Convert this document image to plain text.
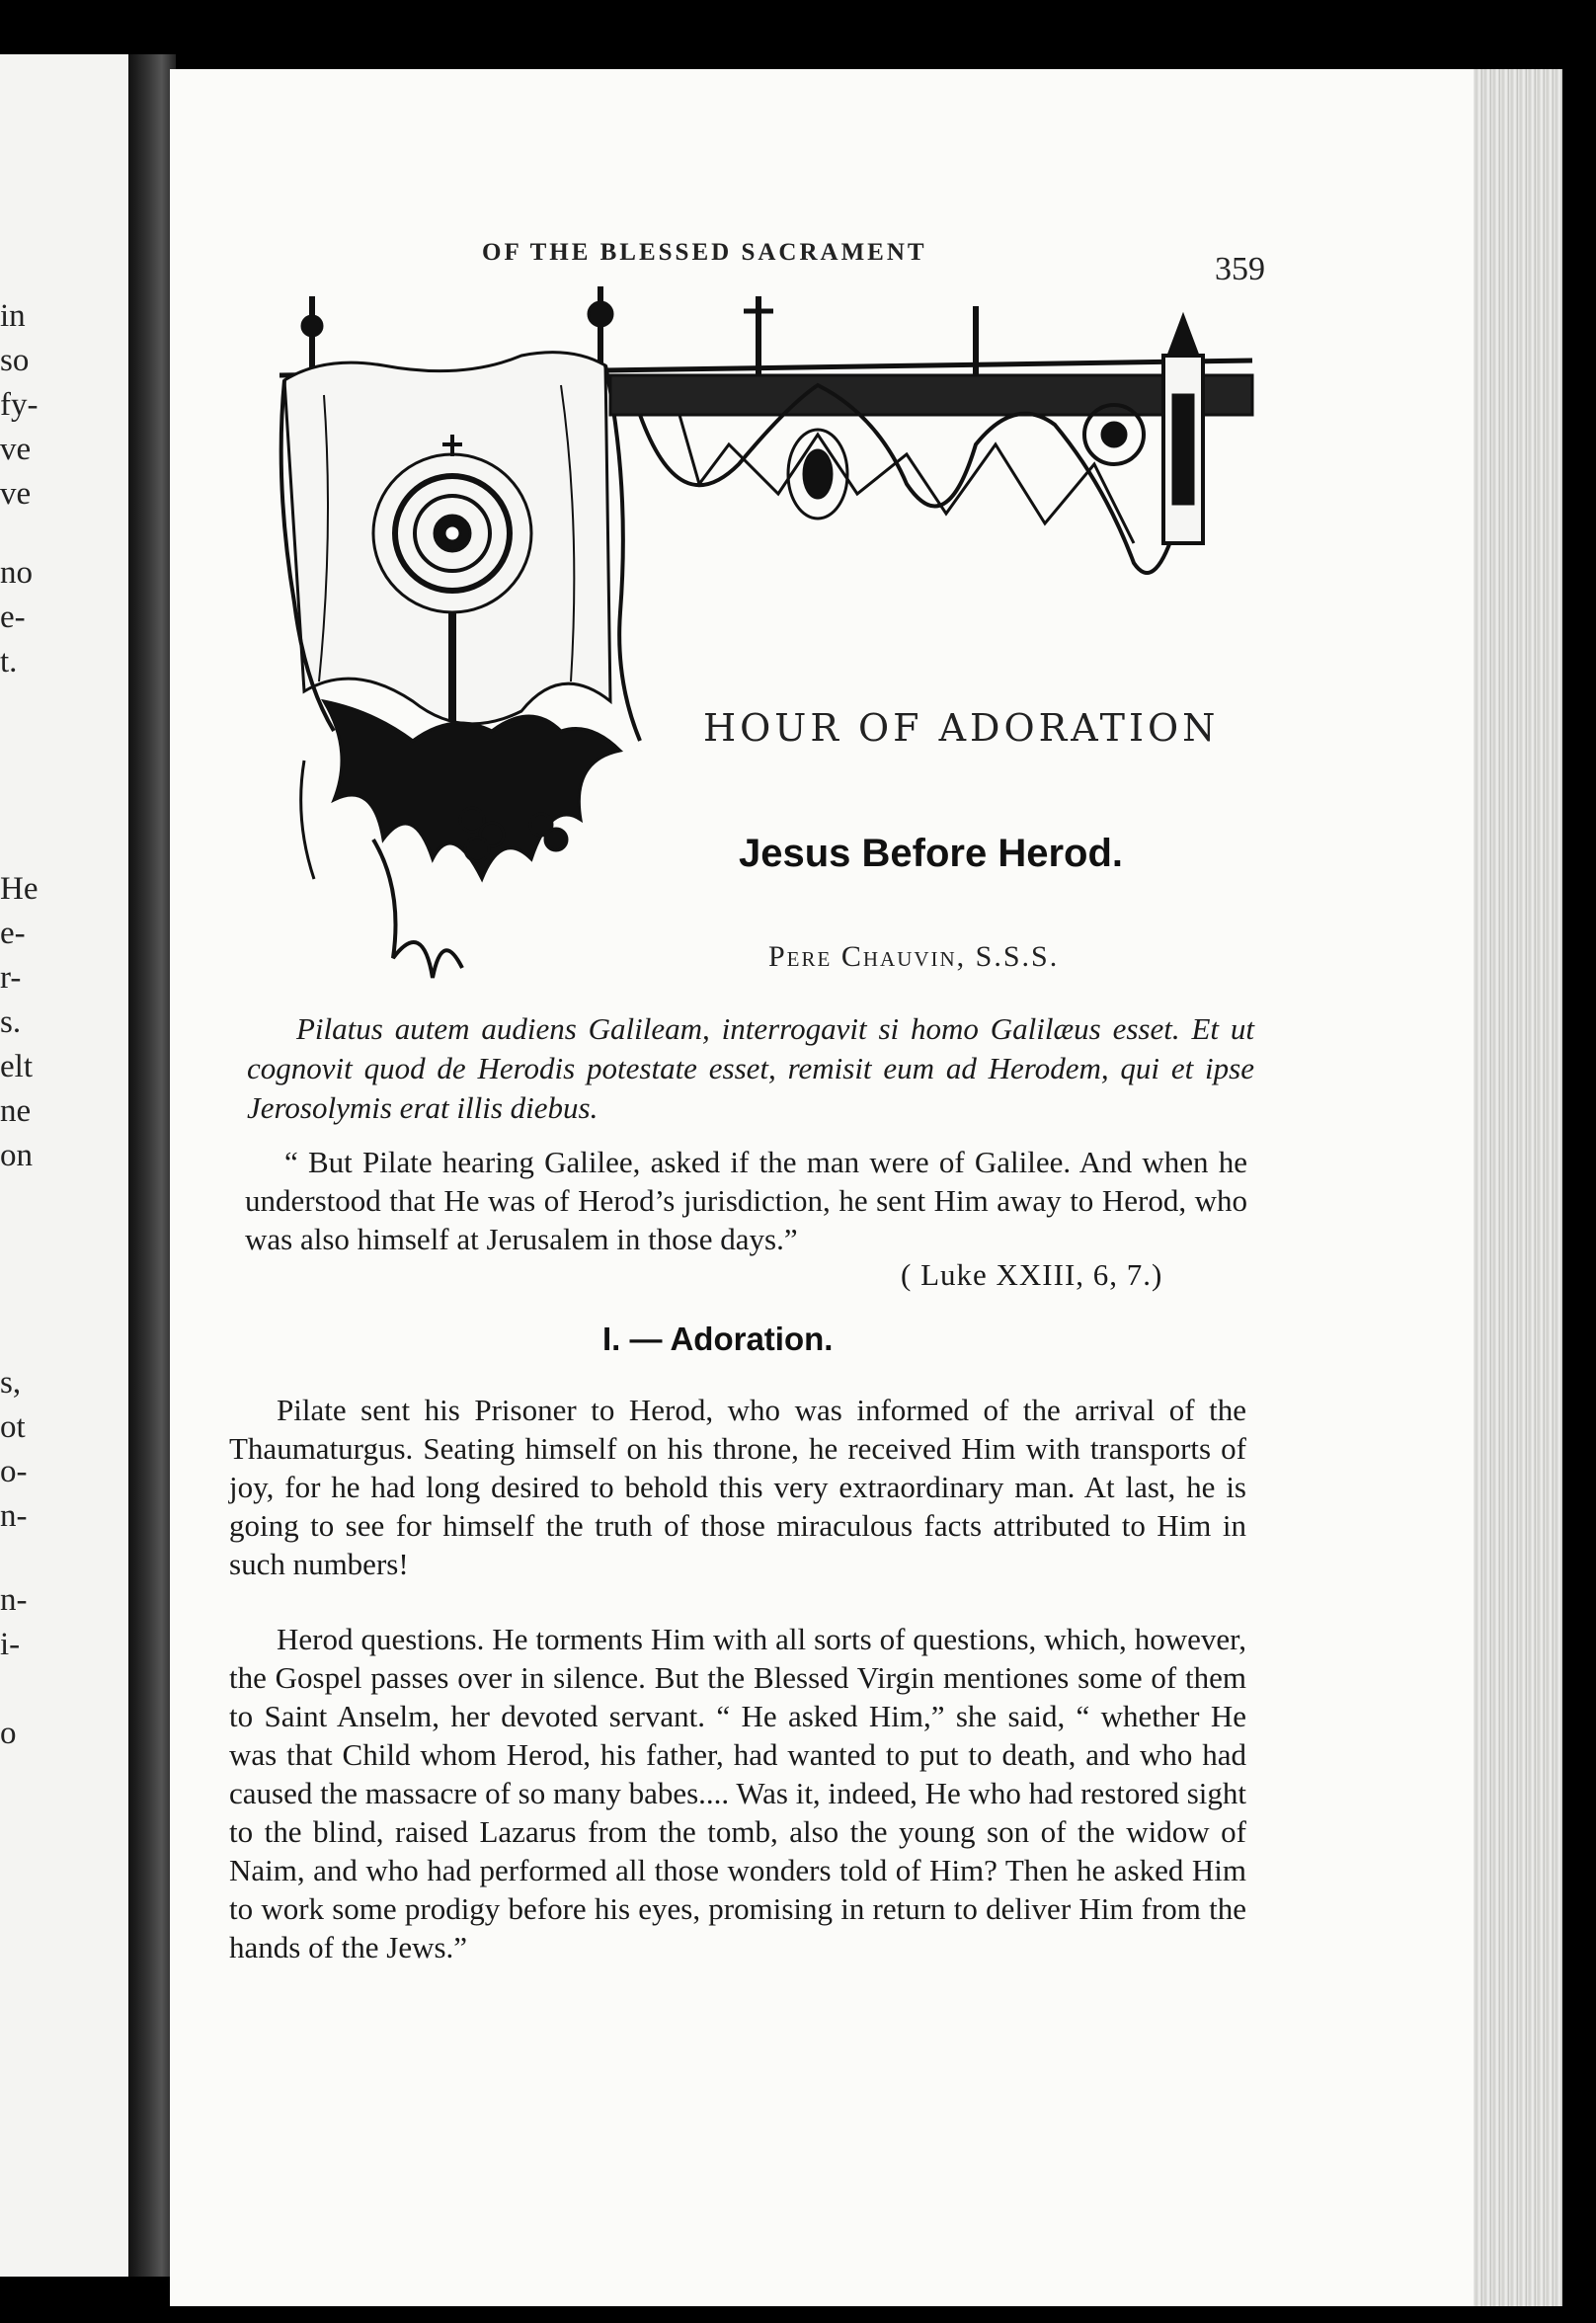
in
so
fy-
ve
ve
no
e-
t.
He
e-
r-
s.
elt
ne
on
s,
ot
o-
n-
n-
i-
o
OF THE BLESSED SACRAMENT	359
HOUR OF ADORATION
Jesus Before Herod.
Pere Chauvin, S.S.S.
Pilatus autem audiens Galileam, interrogavit si homo Galilæus esset. Et ut cognovit quod de Herodis potestate esset, remisit eum ad Herodem, qui et ipse Jerosolymis erat illis diebus.
“ But Pilate hearing Galilee, asked if the man were of Galilee. And when he understood that He was of Herod’s jurisdiction, he sent Him away to Herod, who was also himself at Jerusalem in those days.”
( Luke XXIII, 6, 7.)
I. — Adoration.
Pilate sent his Prisoner to Herod, who was informed of the arrival of the Thaumaturgus. Seating himself on his throne, he received Him with transports of joy, for he had long desired to behold this very extraordinary man. At last, he is going to see for himself the truth of those miraculous facts attributed to Him in such numbers!
Herod questions. He torments Him with all sorts of questions, which, however, the Gospel passes over in silence. But the Blessed Virgin mentiones some of them to Saint Anselm, her devoted servant. “ He asked Him,” she said, “ whether He was that Child whom Herod, his father, had wanted to put to death, and who had caused the massacre of so many babes.... Was it, indeed, He who had restored sight to the blind, raised Lazarus from the tomb, also the young son of the widow of Naim, and who had performed all those wonders told of Him? Then he asked Him to work some prodigy before his eyes, promising in return to deliver Him from the hands of the Jews.”
